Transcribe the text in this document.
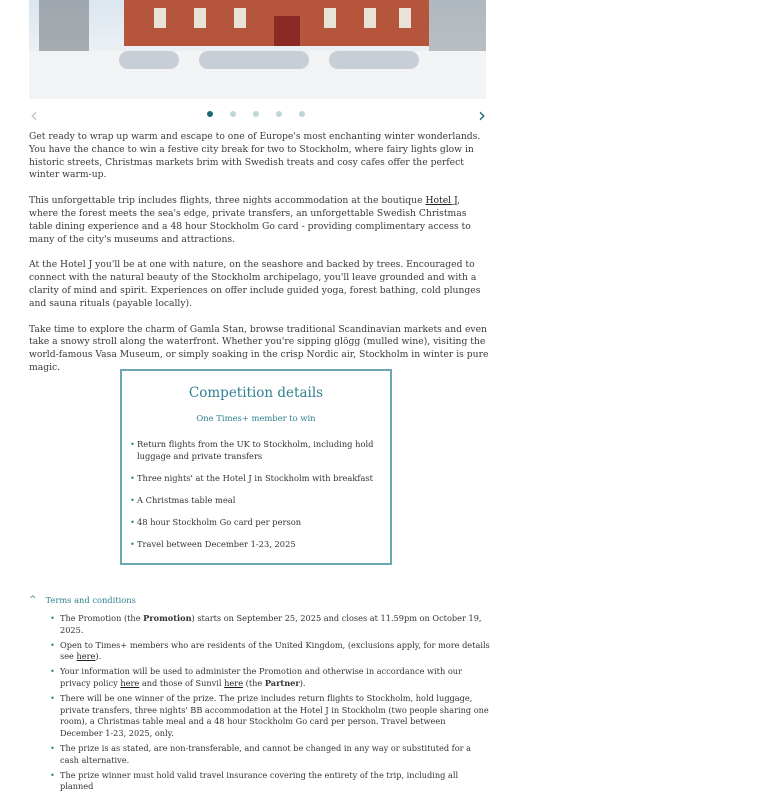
‹	›

Get ready to wrap up warm and escape to one of Europe's most enchanting winter wonderlands. You have the chance to win a festive city break for two to Stockholm, where fairy lights glow in historic streets, Christmas markets brim with Swedish treats and cosy cafes offer the perfect winter warm-up.

This unforgettable trip includes flights, three nights accommodation at the boutique Hotel J, where the forest meets the sea's edge, private transfers, an unforgettable Swedish Christmas table dining experience and a 48 hour Stockholm Go card - providing complimentary access to many of the city's museums and attractions.

At the Hotel J you'll be at one with nature, on the seashore and backed by trees. Encouraged to connect with the natural beauty of the Stockholm archipelago, you'll leave grounded and with a clarity of mind and spirit. Experiences on offer include guided yoga, forest bathing, cold plunges and sauna rituals (payable locally).

Take time to explore the charm of Gamla Stan, browse traditional Scandinavian markets and even take a snowy stroll along the waterfront. Whether you're sipping glögg (mulled wine), visiting the world-famous Vasa Museum, or simply soaking in the crisp Nordic air, Stockholm in winter is pure magic.

Competition details
One Times+ member to win
• Return flights from the UK to Stockholm, including hold luggage and private transfers
• Three nights' at the Hotel J in Stockholm with breakfast
• A Christmas table meal
• 48 hour Stockholm Go card per person
• Travel between December 1-23, 2025
^ Terms and conditions
• The Promotion (the Promotion) starts on September 25, 2025 and closes at 11.59pm on October 19, 2025.
• Open to Times+ members who are residents of the United Kingdom, (exclusions apply, for more details see here).
• Your information will be used to administer the Promotion and otherwise in accordance with our privacy policy here and those of Sunvil here (the Partner).
• There will be one winner of the prize. The prize includes return flights to Stockholm, hold luggage, private transfers, three nights' BB accommodation at the Hotel J in Stockholm (two people sharing one room), a Christmas table meal and a 48 hour Stockholm Go card per person. Travel between December 1-23, 2025, only.
• The prize is as stated, are non-transferable, and cannot be changed in any way or substituted for a cash alternative.
• The prize winner must hold valid travel insurance covering the entirety of the trip, including all planned
